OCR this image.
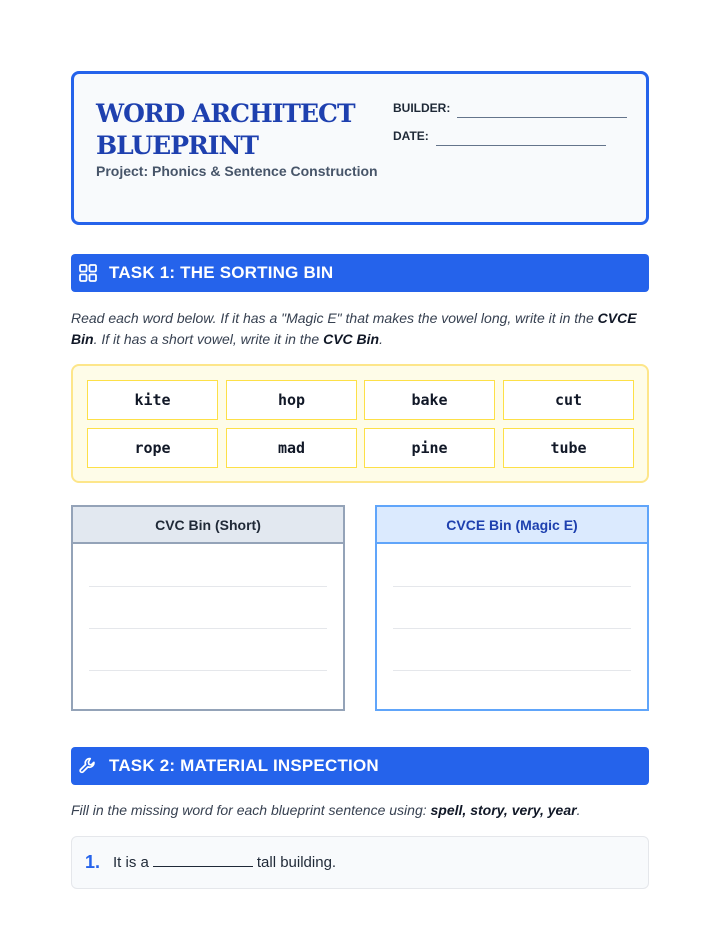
WORD ARCHITECT BLUEPRINT
Project: Phonics & Sentence Construction
BUILDER:
DATE:
TASK 1: THE SORTING BIN
Read each word below. If it has a "Magic E" that makes the vowel long, write it in the CVCE Bin. If it has a short vowel, write it in the CVC Bin.
kite	hop	bake	cut
rope	mad	pine	tube
CVC Bin (Short)	CVCE Bin (Magic E)
TASK 2: MATERIAL INSPECTION
Fill in the missing word for each blueprint sentence using: spell, story, very, year.
1. It is a	tall building.
